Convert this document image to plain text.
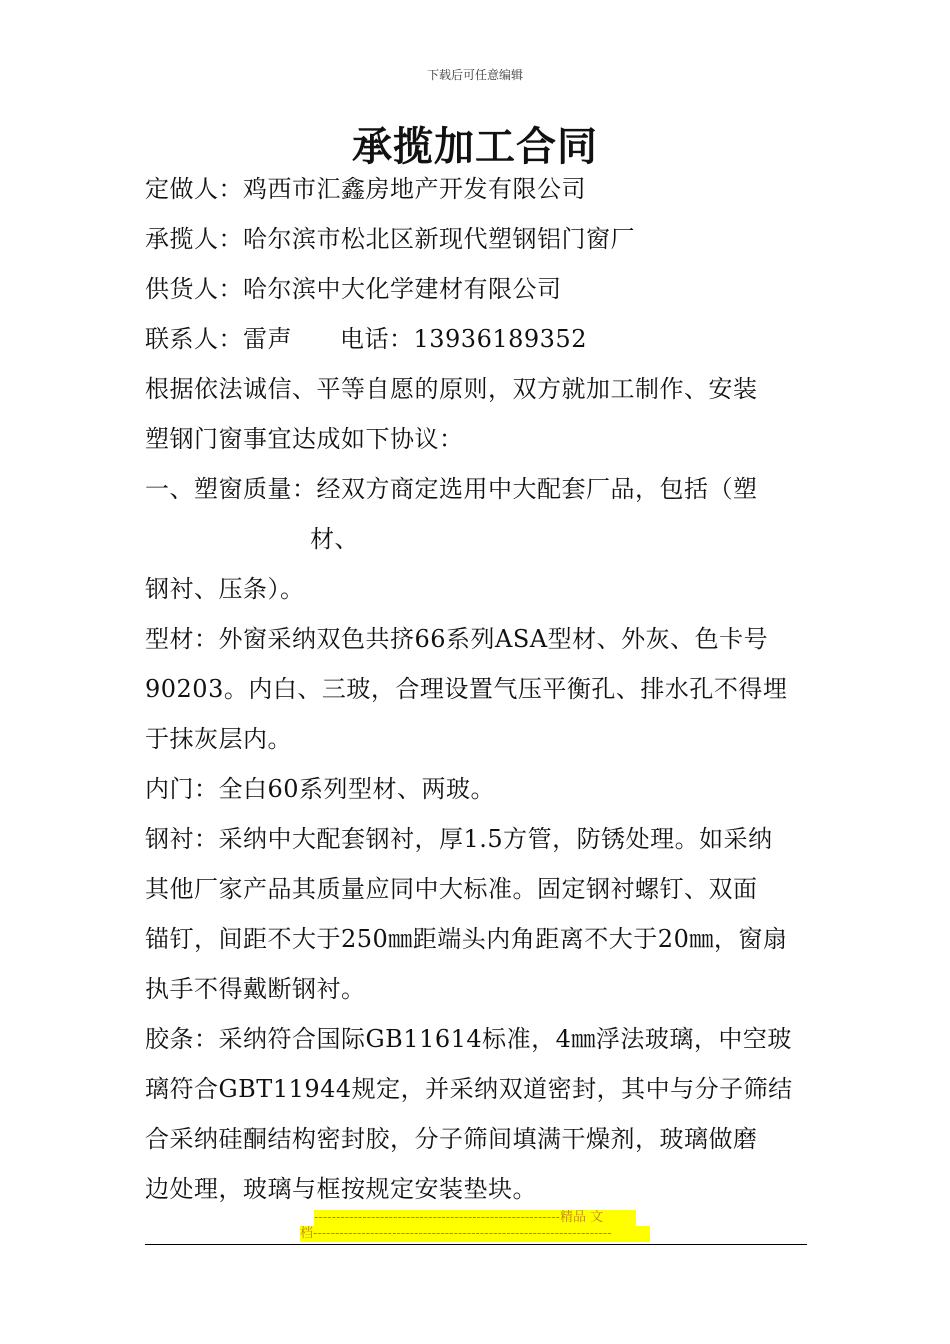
下载后可任意编辑
承揽加工合同
定做人：鸡西市汇鑫房地产开发有限公司
承揽人：哈尔滨市松北区新现代塑钢铝门窗厂
供货人：哈尔滨中大化学建材有限公司
联系人：雷声 电话：13936189352
根据依法诚信、平等自愿的原则，双方就加工制作、安装
塑钢门窗事宜达成如下协议：
一、塑窗质量：经双方商定选用中大配套厂品，包括（塑
材、
钢衬、压条）。
型材：外窗采纳双色共挤66系列ASA型材、外灰、色卡号
90203。内白、三玻，合理设置气压平衡孔、排水孔不得埋
于抹灰层内。
内门：全白60系列型材、两玻。
钢衬：采纳中大配套钢衬，厚1.5方管，防锈处理。如采纳
其他厂家产品其质量应同中大标准。固定钢衬螺钉、双面
锚钉，间距不大于250㎜距端头内角距离不大于20㎜，窗扇
执手不得戴断钢衬。
胶条：采纳符合国际GB11614标准，4㎜浮法玻璃，中空玻
璃符合GBT11944规定，并采纳双道密封，其中与分子筛结
合采纳硅酮结构密封胶，分子筛间填满干燥剂，玻璃做磨
边处理，玻璃与框按规定安装垫块。
--------------------------------------------------------精品 文
档--------------------------------------------------------------------
